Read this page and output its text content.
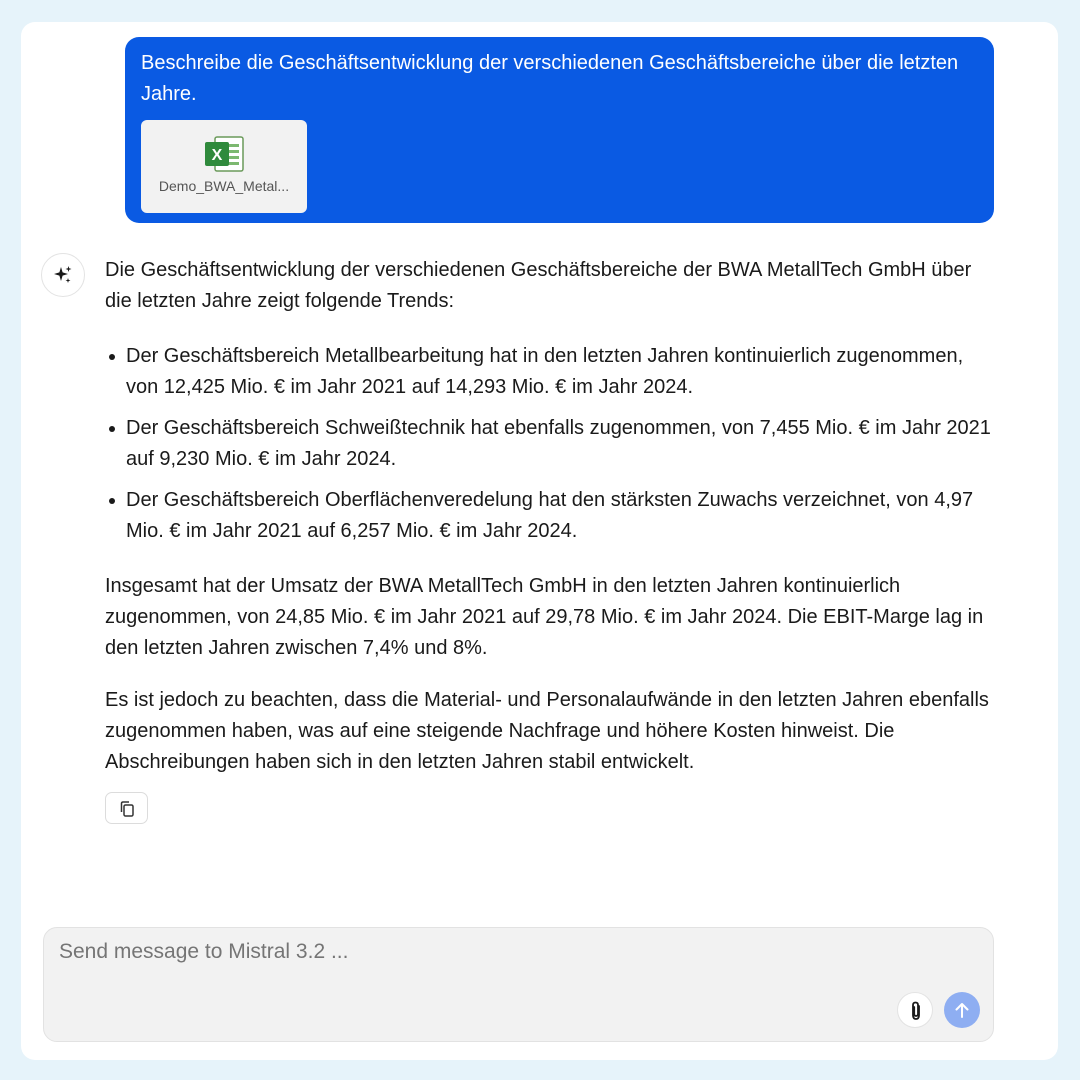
Beschreibe die Geschäftsentwicklung der verschiedenen Geschäftsbereiche über die letzten Jahre.

X
Demo_BWA_Metal...

Die Geschäftsentwicklung der verschiedenen Geschäftsbereiche der BWA MetallTech GmbH über die letzten Jahre zeigt folgende Trends:

Der Geschäftsbereich Metallbearbeitung hat in den letzten Jahren kontinuierlich zugenommen, von 12,425 Mio. € im Jahr 2021 auf 14,293 Mio. € im Jahr 2024.
Der Geschäftsbereich Schweißtechnik hat ebenfalls zugenommen, von 7,455 Mio. € im Jahr 2021 auf 9,230 Mio. € im Jahr 2024.
Der Geschäftsbereich Oberflächenveredelung hat den stärksten Zuwachs verzeichnet, von 4,97 Mio. € im Jahr 2021 auf 6,257 Mio. € im Jahr 2024.

Insgesamt hat der Umsatz der BWA MetallTech GmbH in den letzten Jahren kontinuierlich zugenommen, von 24,85 Mio. € im Jahr 2021 auf 29,78 Mio. € im Jahr 2024. Die EBIT-Marge lag in den letzten Jahren zwischen 7,4% und 8%.

Es ist jedoch zu beachten, dass die Material- und Personalaufwände in den letzten Jahren ebenfalls zugenommen haben, was auf eine steigende Nachfrage und höhere Kosten hinweist. Die Abschreibungen haben sich in den letzten Jahren stabil entwickelt.

Send message to Mistral 3.2 ...
